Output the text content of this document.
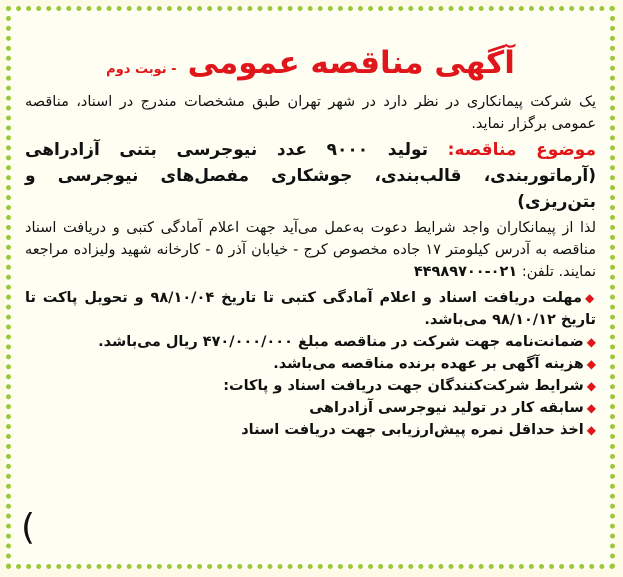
آگهی مناقصه عمومی - نوبت دوم

یک شرکت پیمانکاری در نظر دارد در شهر تهران طبق مشخصات مندرج در اسناد، مناقصه عمومی برگزار نماید.

موضوع مناقصه: تولید ۹۰۰۰ عدد نیوجرسی بتنی آزادراهی (آرماتوربندی، قالب‌بندی، جوشکاری مفصل‌های نیوجرسی و بتن‌ریزی)

لذا از پیمانکاران واجد شرایط دعوت به‌عمل می‌آید جهت اعلام آمادگی کتبی و دریافت اسناد مناقصه به آدرس کیلومتر ۱۷ جاده مخصوص کرج - خیابان آذر ۵ - کارخانه شهید ولیزاده مراجعه نمایند. تلفن: ۰۲۱-۴۴۹۸۹۷۰۰

◆مهلت دریافت اسناد و اعلام آمادگی کتبی تا تاریخ ۹۸/۱۰/۰۴ و تحویل پاکت تا تاریخ ۹۸/۱۰/۱۲ می‌باشد.
◆ضمانت‌نامه جهت شرکت در مناقصه مبلغ ۴۷۰/۰۰۰/۰۰۰ ریال می‌باشد.
◆هزینه آگهی بر عهده برنده مناقصه می‌باشد.
◆شرایط شرکت‌کنندگان جهت دریافت اسناد و پاکات:
◆سابقه کار در تولید نیوجرسی آزادراهی
◆اخذ حداقل نمره پیش‌ارزیابی جهت دریافت اسناد
(
